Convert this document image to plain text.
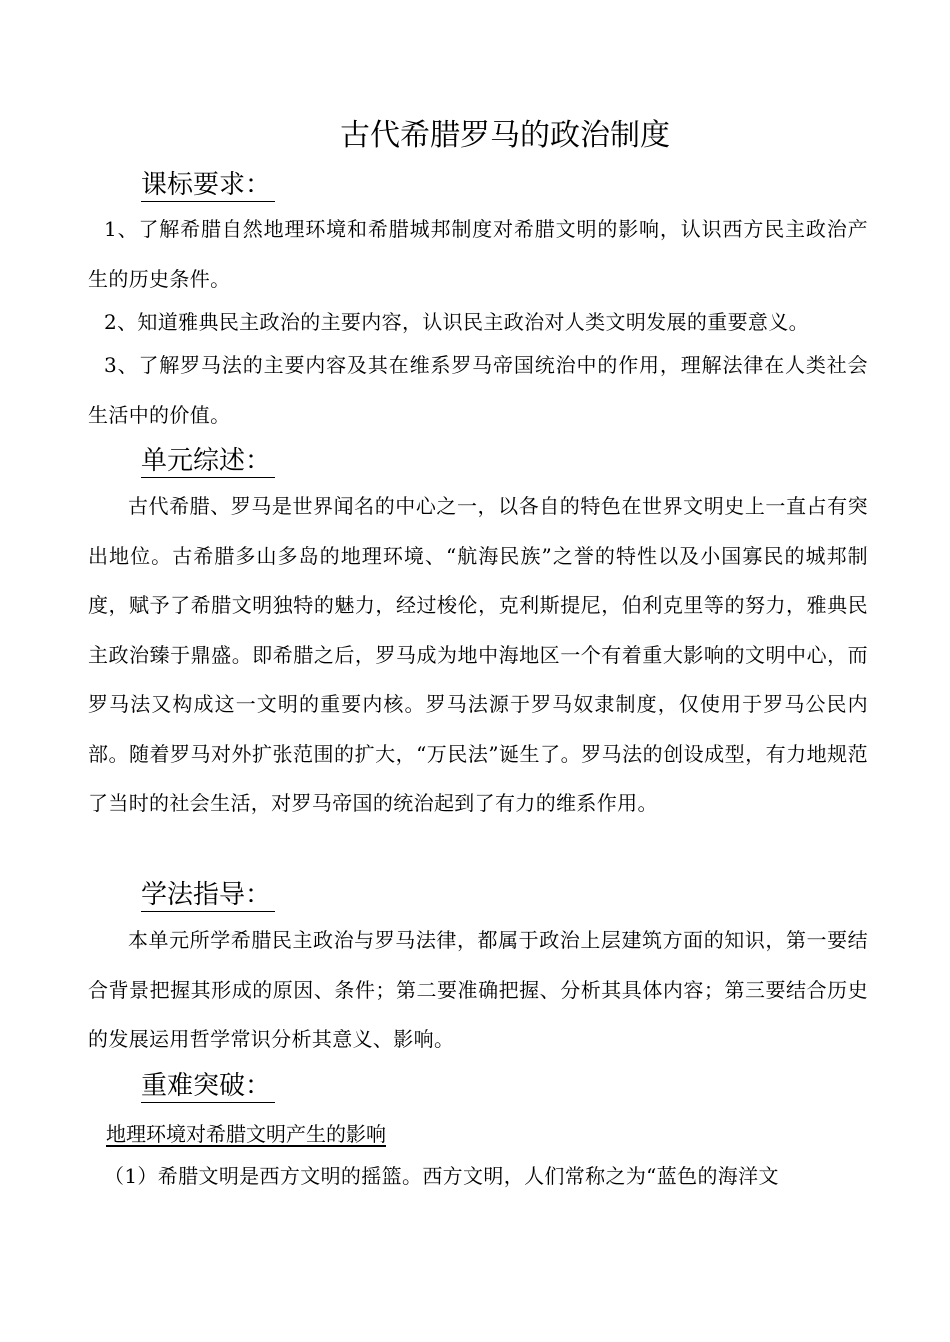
古代希腊罗马的政治制度
课标要求：
1、了解希腊自然地理环境和希腊城邦制度对希腊文明的影响，认识西方民主政治产生的历史条件。
2、知道雅典民主政治的主要内容，认识民主政治对人类文明发展的重要意义。
3、了解罗马法的主要内容及其在维系罗马帝国统治中的作用，理解法律在人类社会生活中的价值。
单元综述：
古代希腊、罗马是世界闻名的中心之一，以各自的特色在世界文明史上一直占有突出地位。古希腊多山多岛的地理环境、“航海民族”之誉的特性以及小国寡民的城邦制度，赋予了希腊文明独特的魅力，经过梭伦，克利斯提尼，伯利克里等的努力，雅典民主政治臻于鼎盛。即希腊之后，罗马成为地中海地区一个有着重大影响的文明中心，而罗马法又构成这一文明的重要内核。罗马法源于罗马奴隶制度，仅使用于罗马公民内部。随着罗马对外扩张范围的扩大，“万民法”诞生了。罗马法的创设成型，有力地规范了当时的社会生活，对罗马帝国的统治起到了有力的维系作用。
学法指导：
本单元所学希腊民主政治与罗马法律，都属于政治上层建筑方面的知识，第一要结合背景把握其形成的原因、条件；第二要准确把握、分析其具体内容；第三要结合历史的发展运用哲学常识分析其意义、影响。
重难突破：
地理环境对希腊文明产生的影响
（1）希腊文明是西方文明的摇篮。西方文明，人们常称之为“蓝色的海洋文
